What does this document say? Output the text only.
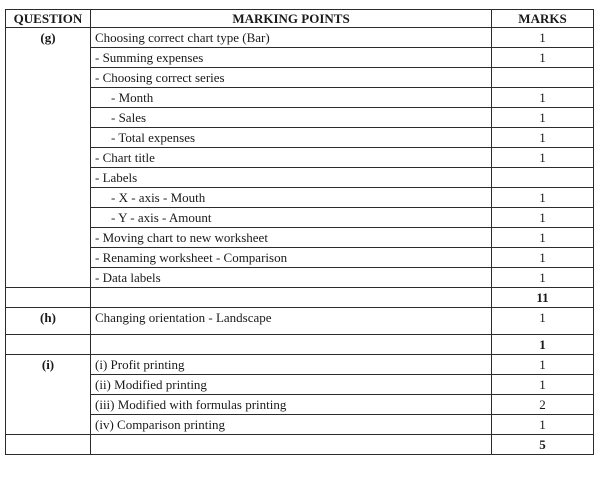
QUESTION	MARKING POINTS	MARKS
(g)	Choosing correct chart type (Bar)	1
	- Summing expenses	1
	- Choosing correct series	
	- Month	1
	- Sales	1
	- Total expenses	1
	- Chart title	1
	- Labels	
	- X - axis - Mouth	1
	- Y - axis - Amount	1
	- Moving chart to new worksheet	1
	- Renaming worksheet - Comparison	1
	- Data labels	1
		11
(h)	Changing orientation - Landscape	1
		1
(i)	(i) Profit printing	1
	(ii) Modified printing	1
	(iii) Modified with formulas printing	2
	(iv) Comparison printing	1
		5
